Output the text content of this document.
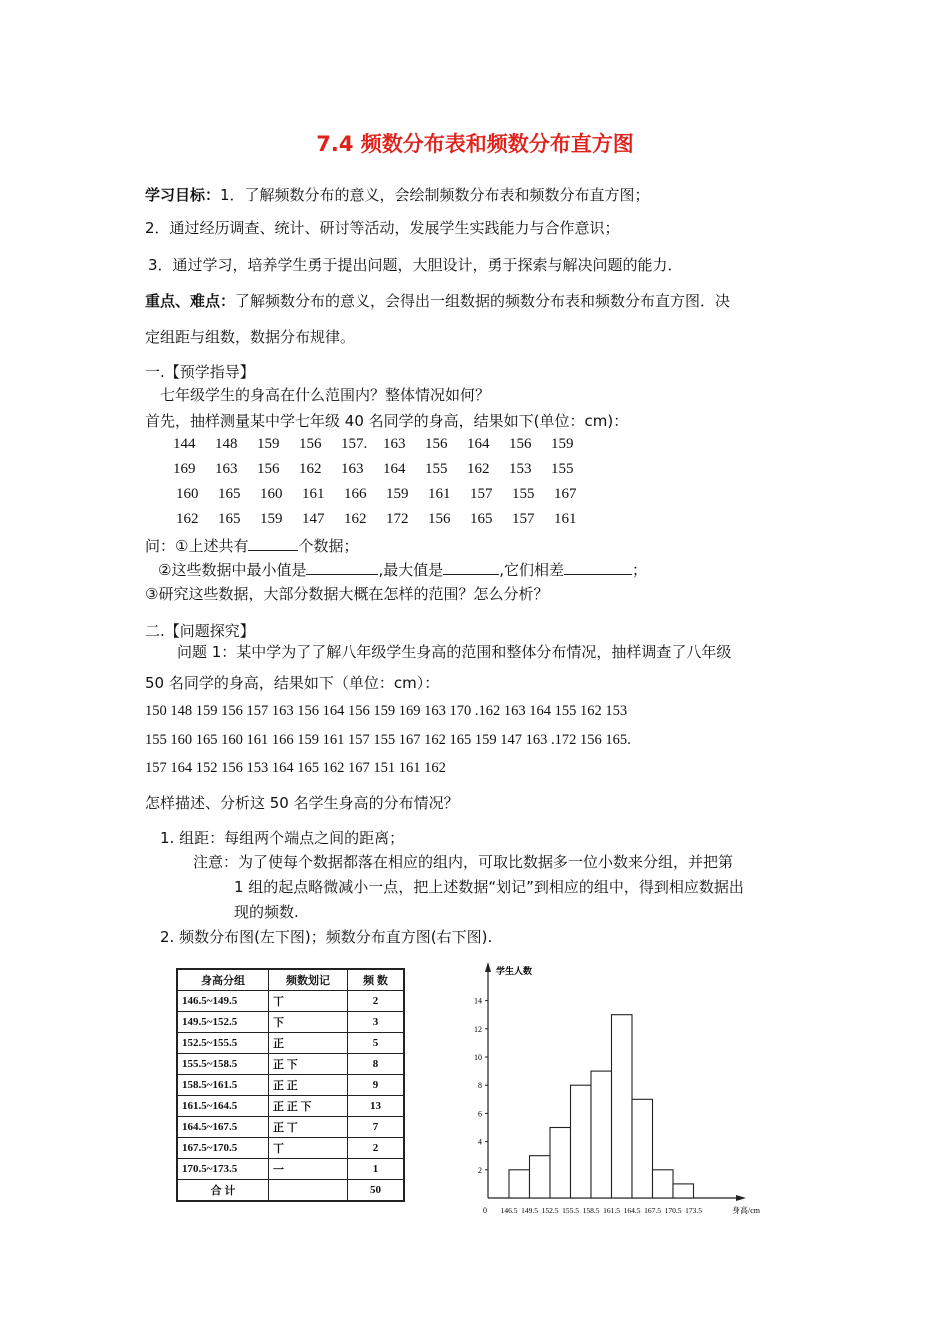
7.4 频数分布表和频数分布直方图
学习目标：1．了解频数分布的意义，会绘制频数分布表和频数分布直方图；
2．通过经历调查、统计、研讨等活动，发展学生实践能力与合作意识；
3．通过学习，培养学生勇于提出问题，大胆设计，勇于探索与解决问题的能力．
重点、难点：了解频数分布的意义，会得出一组数据的频数分布表和频数分布直方图．决
定组距与组数，数据分布规律。
一.【预学指导】
七年级学生的身高在什么范围内？整体情况如何？
首先，抽样测量某中学七年级 40 名同学的身高，结果如下(单位：cm)：
144 148 159 156 157. 163 156 164 156 159
169 163 156 162 163 164 155 162 153 155
160 165 160 161 166 159 161 157 155 167
162 165 159 147 162 172 156 165 157 161
问：①上述共有	个数据；
②这些数据中最小值是	,最大值是	,它们相差	；
③研究这些数据，大部分数据大概在怎样的范围？怎么分析？
二.【问题探究】
问题 1：某中学为了了解八年级学生身高的范围和整体分布情况，抽样调查了八年级
50 名同学的身高，结果如下（单位：cm）：
150 148 159 156 157 163 156 164 156 159 169 163 170 .162 163 164 155 162 153
155 160 165 160 161 166 159 161 157 155 167 162 165 159 147 163 .172 156 165.
157 164 152 156 153 164 165 162 167 151 161 162
怎样描述、分析这 50 名学生身高的分布情况？
1. 组距：每组两个端点之间的距离；
注意：为了使每个数据都落在相应的组内，可取比数据多一位小数来分组，并把第
1 组的起点略微减小一点，把上述数据“划记”到相应的组中，得到相应数据出
现的频数.
2. 频数分布图(左下图)；频数分布直方图(右下图).
身高分组	频数划记	频 数
146.5~149.5	丅	2
149.5~152.5	下	3
152.5~155.5	正	5
155.5~158.5	正 下	8
158.5~161.5	正 正	9
161.5~164.5	正 正 下	13
164.5~167.5	正 丅	7
167.5~170.5	丅	2
170.5~173.5	一	1
合 计		50
学生人数
身高/cm
0
2
4
6
8
10
12
14
146.5 149.5 152.5 155.5 158.5 161.5 164.5 167.5 170.5 173.5
